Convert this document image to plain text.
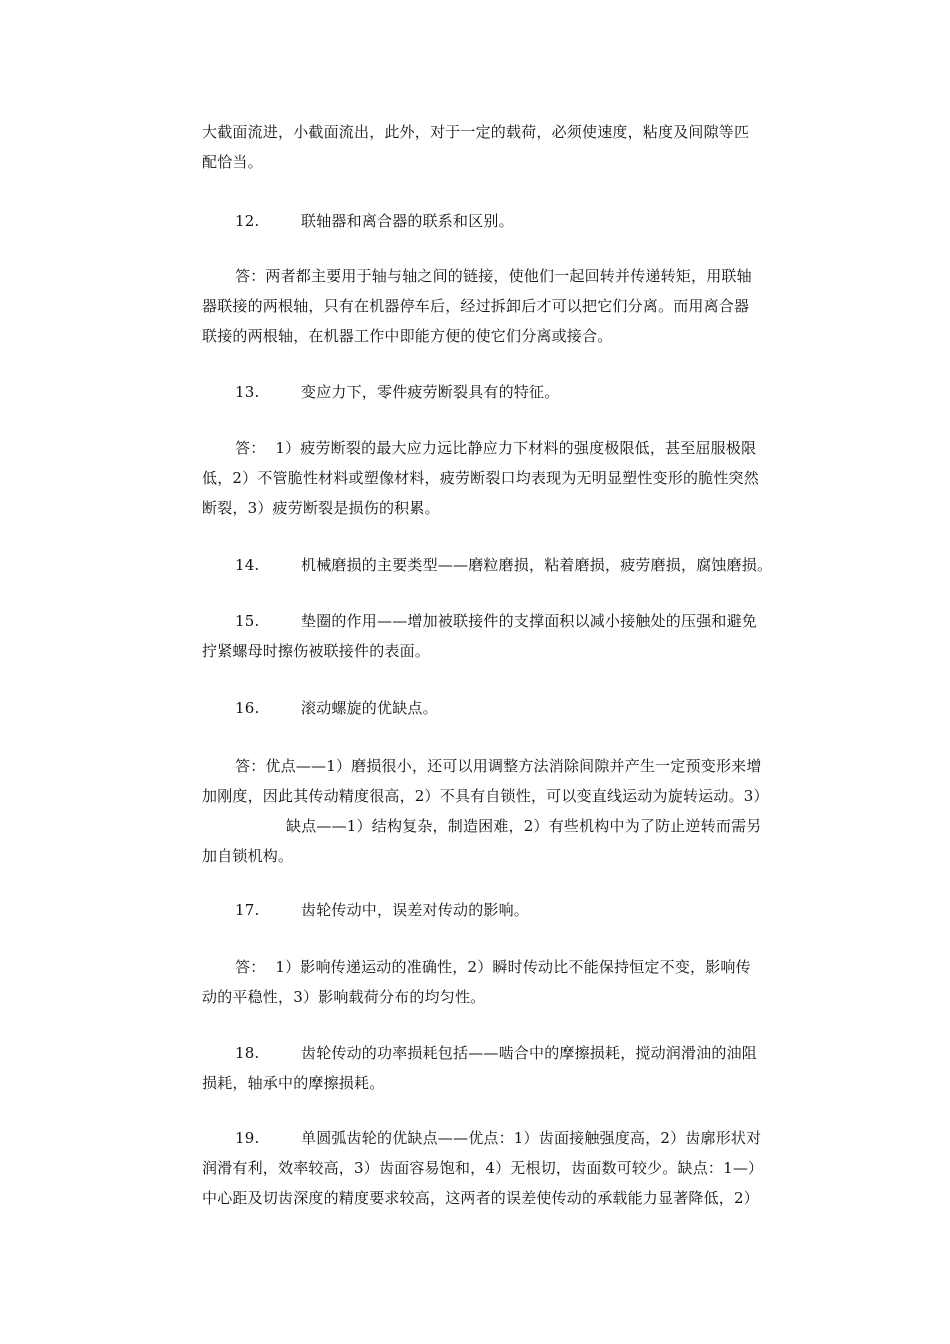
大截面流进，小截面流出，此外，对于一定的载荷，必须使速度，粘度及间隙等匹
配恰当。
12.	联轴器和离合器的联系和区别。
答：两者都主要用于轴与轴之间的链接，使他们一起回转并传递转矩，用联轴
器联接的两根轴，只有在机器停车后，经过拆卸后才可以把它们分离。而用离合器
联接的两根轴，在机器工作中即能方便的使它们分离或接合。
13.	变应力下，零件疲劳断裂具有的特征。
答：  1）疲劳断裂的最大应力远比静应力下材料的强度极限低，甚至屈服极限
低，2）不管脆性材料或塑像材料，疲劳断裂口均表现为无明显塑性变形的脆性突然
断裂，3）疲劳断裂是损伤的积累。
14.	机械磨损的主要类型——磨粒磨损，粘着磨损，疲劳磨损，腐蚀磨损。
15.	垫圈的作用——增加被联接件的支撑面积以减小接触处的压强和避免
拧紧螺母时擦伤被联接件的表面。
16.	滚动螺旋的优缺点。
答：优点——1）磨损很小，还可以用调整方法消除间隙并产生一定预变形来增
加刚度，因此其传动精度很高，2）不具有自锁性，可以变直线运动为旋转运动。3）
缺点——1）结构复杂，制造困难，2）有些机构中为了防止逆转而需另
加自锁机构。
17.	齿轮传动中，误差对传动的影响。
答：  1）影响传递运动的准确性，2）瞬时传动比不能保持恒定不变，影响传
动的平稳性，3）影响载荷分布的均匀性。
18.	齿轮传动的功率损耗包括——啮合中的摩擦损耗，搅动润滑油的油阻
损耗，轴承中的摩擦损耗。
19.	单圆弧齿轮的优缺点——优点：1）齿面接触强度高，2）齿廓形状对
润滑有利，效率较高，3）齿面容易饱和，4）无根切，齿面数可较少。缺点：1—）
中心距及切齿深度的精度要求较高，这两者的误差使传动的承载能力显著降低，2）
